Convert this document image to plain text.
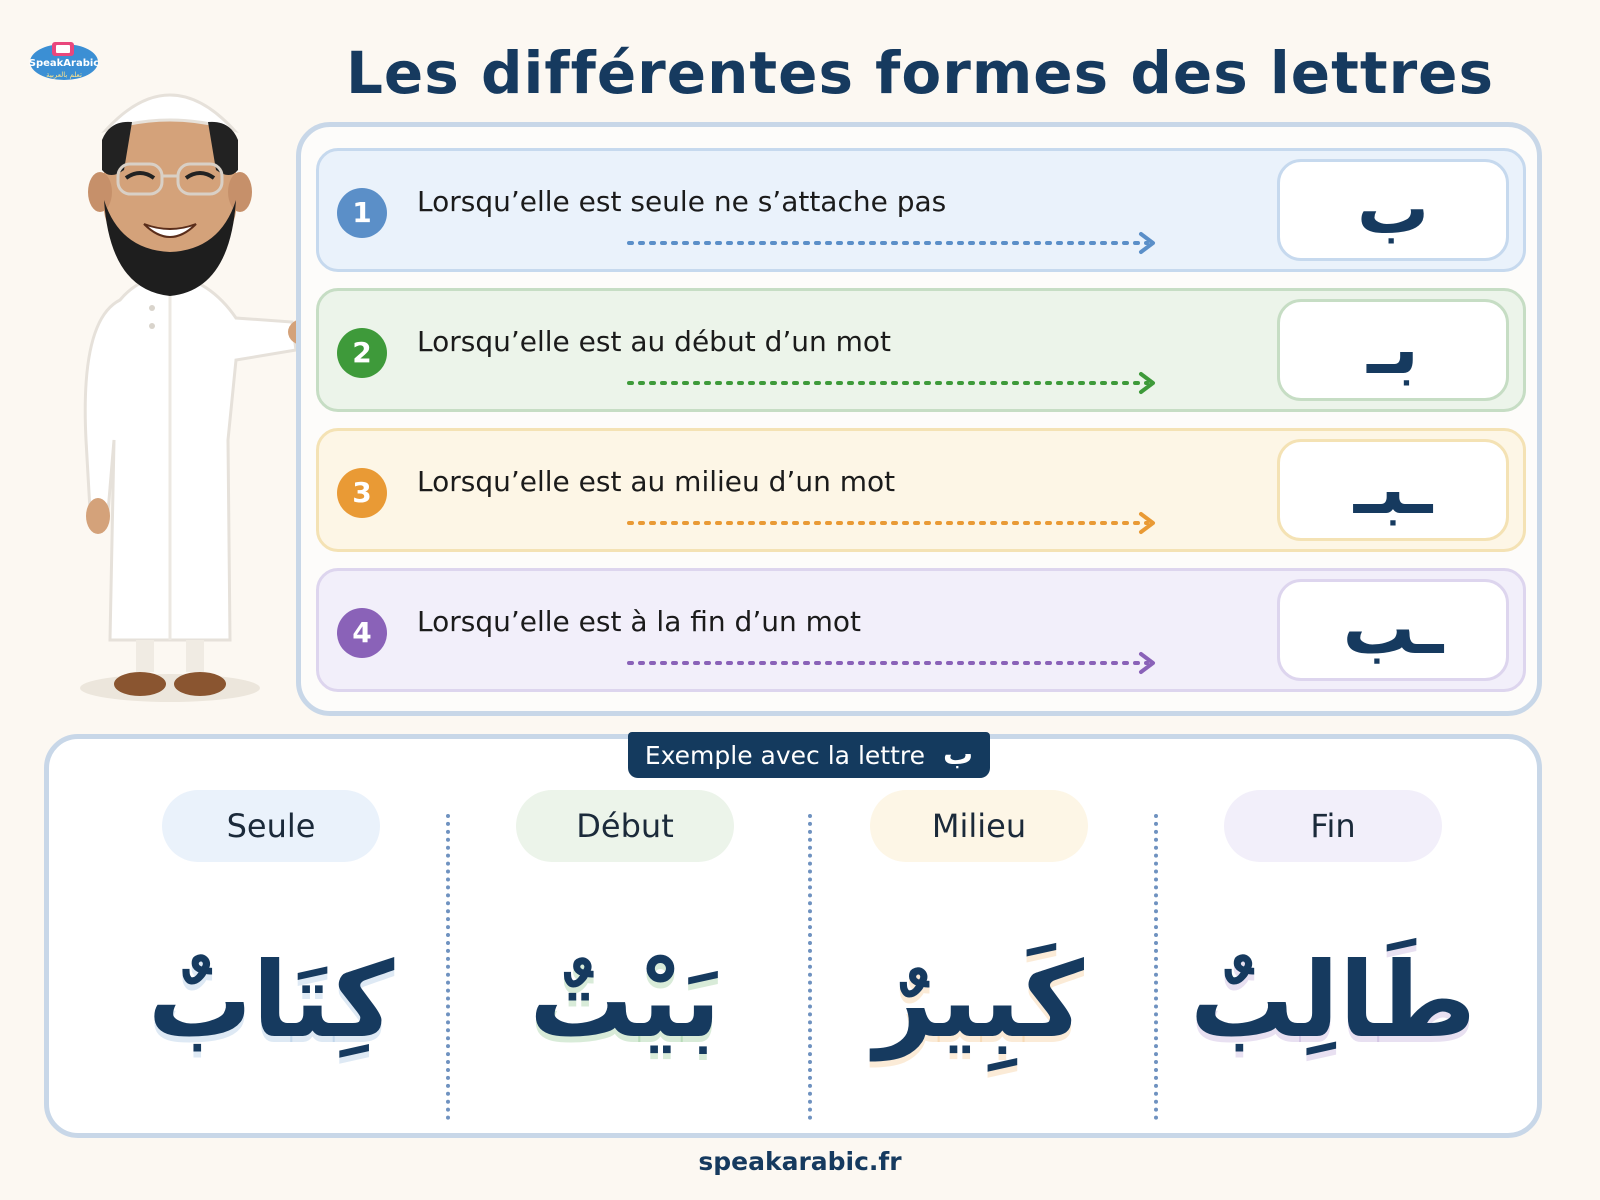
SpeakArabic
تعلم بالعربية	Les différentes formes des lettres
1	Lorsqu’elle est seule ne s’attache pas	ب
2	Lorsqu’elle est au début d’un mot	بـ
3	Lorsqu’elle est au milieu d’un mot	ـبـ
4	Lorsqu’elle est à la fin d’un mot	ـب
Exemple avec la lettre ب
Seule	Début	Milieu	Fin
كِتَابٌ	بَيْتٌ	كَبِيرٌ	طَالِبٌ
speakarabic.fr
